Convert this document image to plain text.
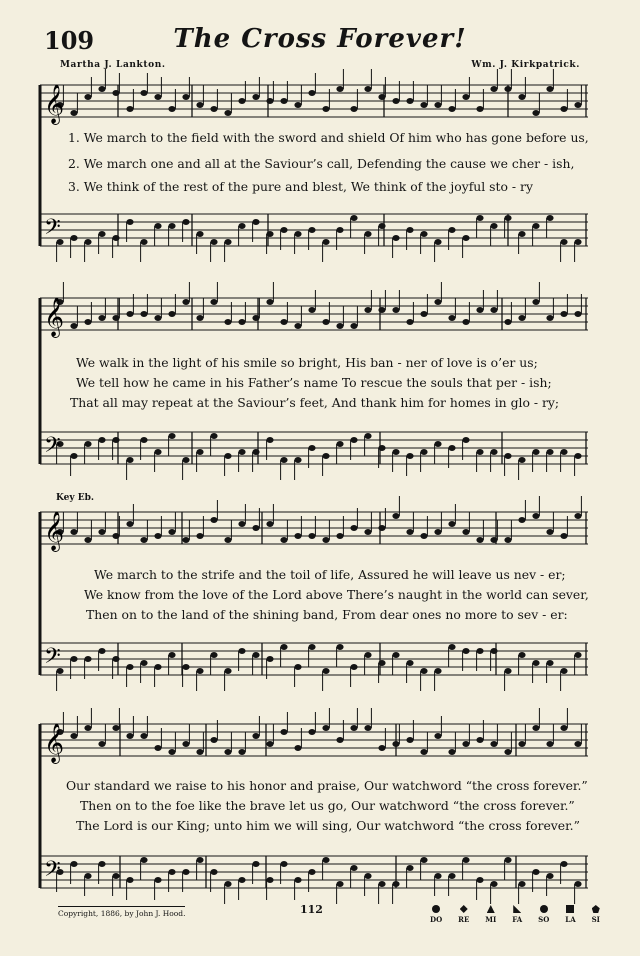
109	The Cross Forever!
Martha J. Lankton.	Wm. J. Kirkpatrick.
𝄞
𝄢
𝄞
𝄢
𝄞
𝄢
𝄞
𝄢
1. We march to the field with the sword and shield Of him who has gone before us,
2. We march one and all at the Saviour’s call, Defending the cause we cher - ish,
3. We think of the rest of the pure and blest, We think of the joyful sto - ry
We walk in the light of his smile so bright, His ban - ner of love is o’er us;
We tell how he came in his Father’s name To rescue the souls that per - ish;
That all may repeat at the Saviour’s feet, And thank him for homes in glo - ry;
Key Eb.
We march to the strife and the toil of life, Assured he will leave us nev - er;
We know from the love of the Lord above There’s naught in the world can sever,
Then on to the land of the shining band, From dear ones no more to sev - er:
Our standard we raise to his honor and praise, Our watchword “the cross forever.”
Then on to the foe like the brave let us go, Our watchword “the cross forever.”
The Lord is our King; unto him we will sing, Our watchword “the cross forever.”
Copyright, 1886, by John J. Hood.	112
DO RE MI FA SO LA SI
